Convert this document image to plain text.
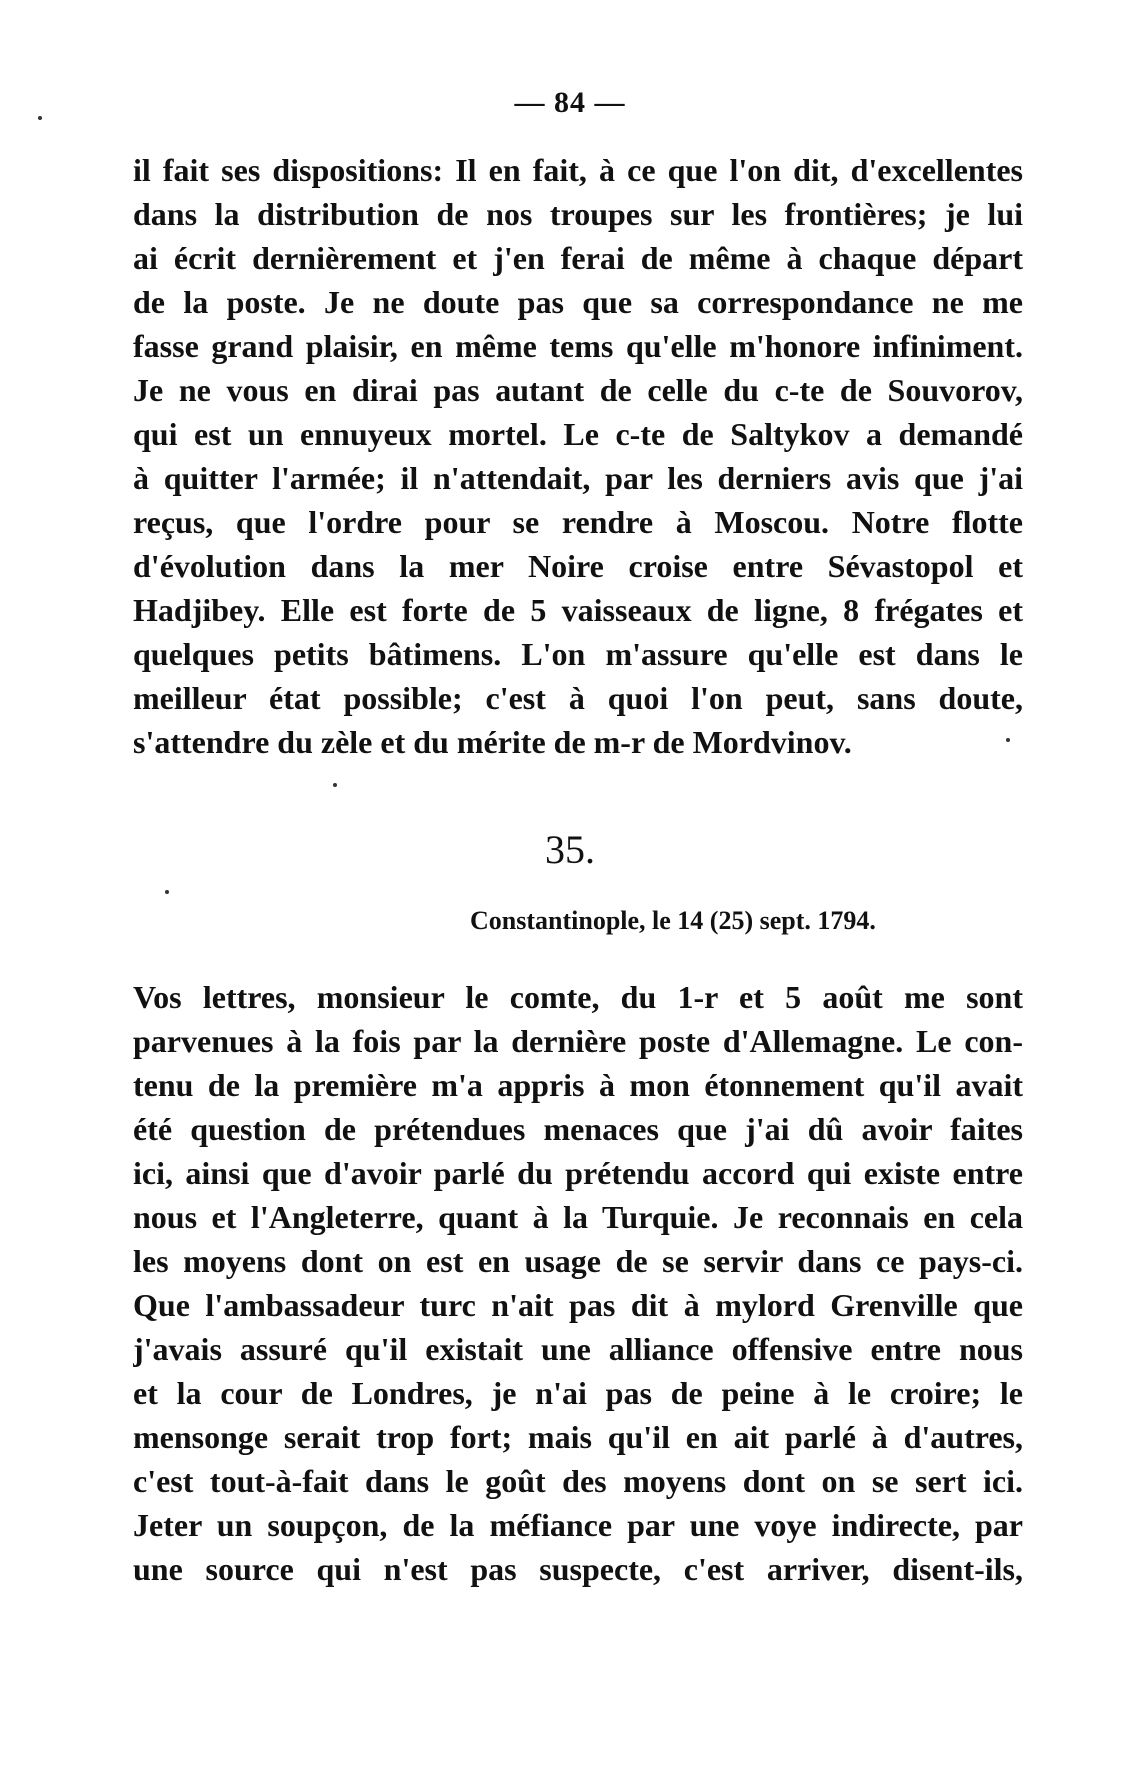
— 84 —
il fait ses dispositions: Il en fait, à ce que l'on dit, d'excellentes
dans la distribution de nos troupes sur les frontières; je lui
ai écrit dernièrement et j'en ferai de même à chaque départ
de la poste. Je ne doute pas que sa correspondance ne me
fasse grand plaisir, en même tems qu'elle m'honore infiniment.
Je ne vous en dirai pas autant de celle du c-te de Souvorov,
qui est un ennuyeux mortel. Le c-te de Saltykov a demandé
à quitter l'armée; il n'attendait, par les derniers avis que j'ai
reçus, que l'ordre pour se rendre à Moscou. Notre flotte
d'évolution dans la mer Noire croise entre Sévastopol et
Hadjibey. Elle est forte de 5 vaisseaux de ligne, 8 frégates et
quelques petits bâtimens. L'on m'assure qu'elle est dans le
meilleur état possible; c'est à quoi l'on peut, sans doute,
s'attendre du zèle et du mérite de m-r de Mordvinov.
35.
Constantinople, le 14 (25) sept. 1794.
Vos lettres, monsieur le comte, du 1-r et 5 août me sont
parvenues à la fois par la dernière poste d'Allemagne. Le con-
tenu de la première m'a appris à mon étonnement qu'il avait
été question de prétendues menaces que j'ai dû avoir faites
ici, ainsi que d'avoir parlé du prétendu accord qui existe entre
nous et l'Angleterre, quant à la Turquie. Je reconnais en cela
les moyens dont on est en usage de se servir dans ce pays-ci.
Que l'ambassadeur turc n'ait pas dit à mylord Grenville que
j'avais assuré qu'il existait une alliance offensive entre nous
et la cour de Londres, je n'ai pas de peine à le croire; le
mensonge serait trop fort; mais qu'il en ait parlé à d'autres,
c'est tout-à-fait dans le goût des moyens dont on se sert ici.
Jeter un soupçon, de la méfiance par une voye indirecte, par
une source qui n'est pas suspecte, c'est arriver, disent-ils,
